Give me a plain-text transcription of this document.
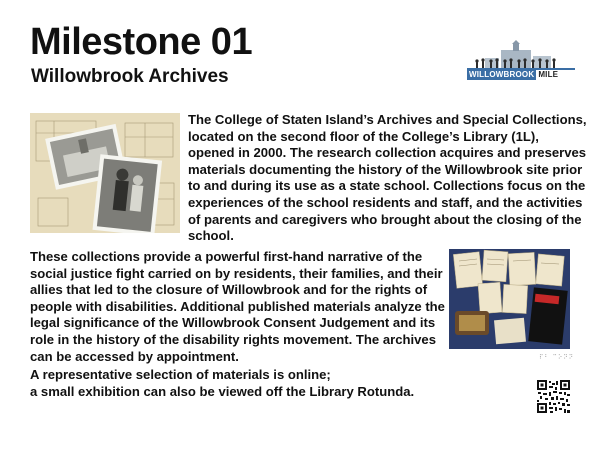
Milestone 01
Willowbrook Archives	WILLOWBROOK MILE

The College of Staten Island’s Archives and Special Collections, located on the second floor of the College’s Library (1L), opened in 2000. The research collection acquires and preserves materials documenting the history of the Willowbrook site prior to and during its use as a state school. Collections focus on the experiences of the school residents and staff, and the activities of parents and caregivers who brought about the closing of the school.

These collections provide a powerful first-hand narrative of the social justice fight carried on by residents, their families, and their allies that led to the closure of Willowbrook and for the rights of people with disabilities. Additional published materials analyze the legal significance of the Willowbrook Consent Judgement and its role in the history of the disability rights movement. The archives can be accessed by appointment.	⠏⠃ ⠉⠕⠝⠝

A representative selection of materials is online;
a small exhibition can also be viewed off the Library Rotunda.
